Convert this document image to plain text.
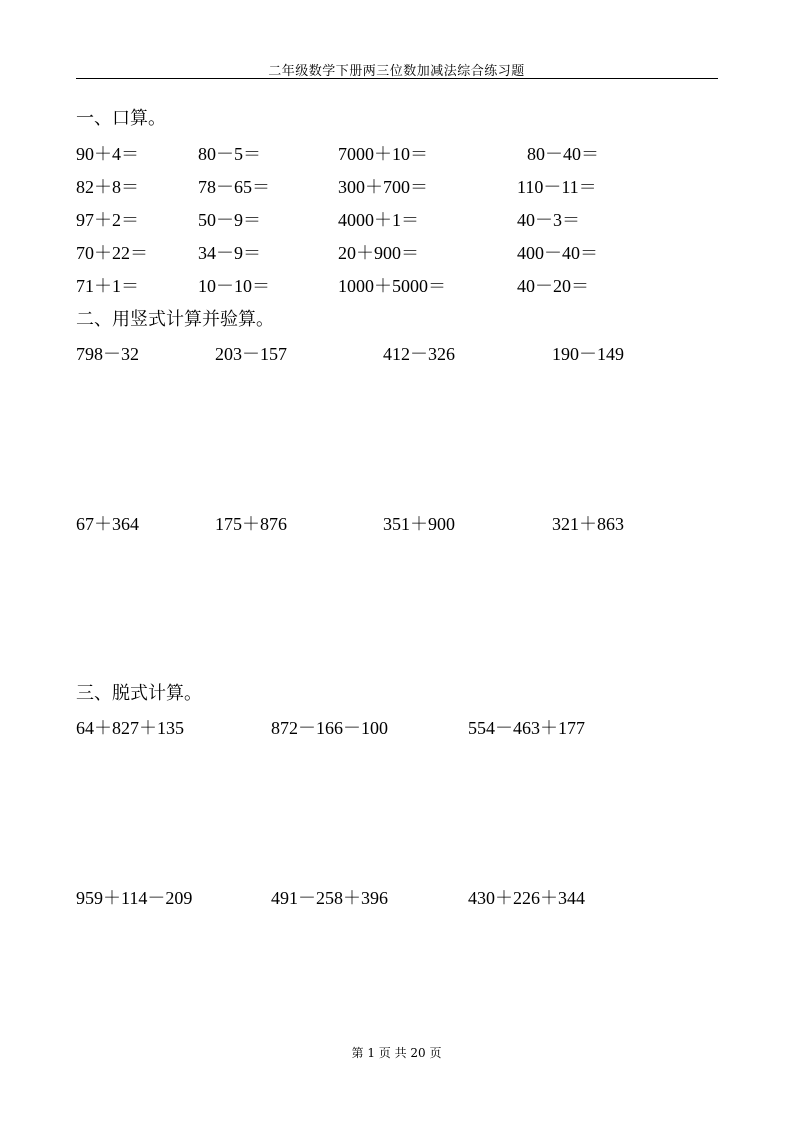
二年级数学下册两三位数加减法综合练习题
一、口算。
90＋4＝	80－5＝	7000＋10＝	80－40＝
82＋8＝	78－65＝	300＋700＝	110－11＝
97＋2＝	50－9＝	4000＋1＝	40－3＝
70＋22＝	34－9＝	20＋900＝	400－40＝
71＋1＝	10－10＝	1000＋5000＝	40－20＝
二、用竖式计算并验算。
798－32	203－157	412－326	190－149
67＋364	175＋876	351＋900	321＋863
三、脱式计算。
64＋827＋135	872－166－100	554－463＋177
959＋114－209	491－258＋396	430＋226＋344
第 1 页 共 20 页
